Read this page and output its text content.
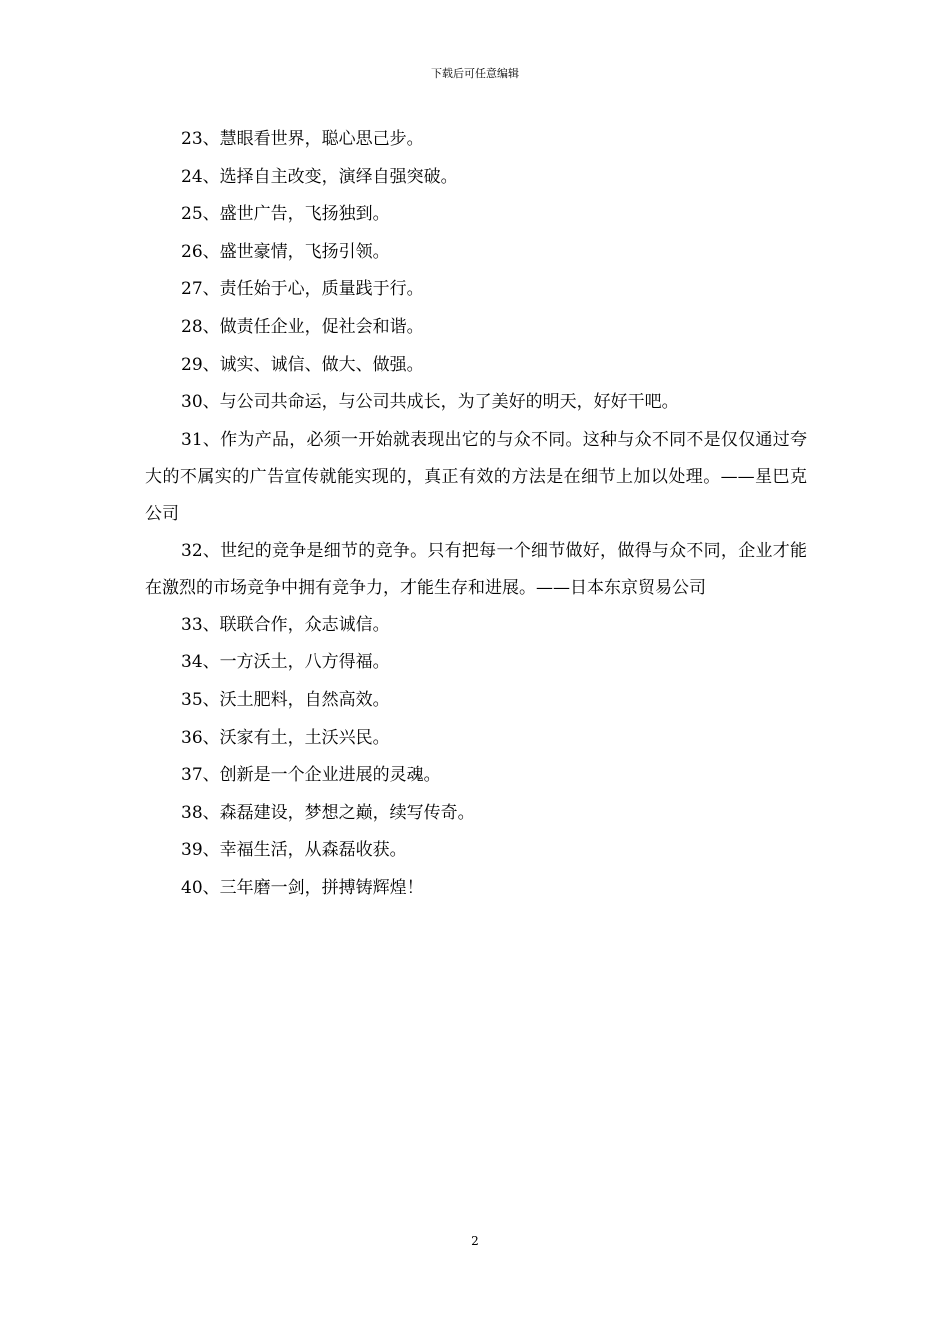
下载后可任意编辑

23、慧眼看世界，聪心思己步。

24、选择自主改变，演绎自强突破。

25、盛世广告，飞扬独到。

26、盛世豪情，飞扬引领。

27、责任始于心，质量践于行。

28、做责任企业，促社会和谐。

29、诚实、诚信、做大、做强。

30、与公司共命运，与公司共成长，为了美好的明天，好好干吧。

31、作为产品，必须一开始就表现出它的与众不同。这种与众不同不是仅仅通过夸大的不属实的广告宣传就能实现的，真正有效的方法是在细节上加以处理。——星巴克公司

32、世纪的竞争是细节的竞争。只有把每一个细节做好，做得与众不同，企业才能在激烈的市场竞争中拥有竞争力，才能生存和进展。——日本东京贸易公司

33、联联合作，众志诚信。

34、一方沃土，八方得福。

35、沃土肥料，自然高效。

36、沃家有土，土沃兴民。

37、创新是一个企业进展的灵魂。

38、森磊建设，梦想之巅，续写传奇。

39、幸福生活，从森磊收获。

40、三年磨一剑，拼搏铸辉煌！

2
